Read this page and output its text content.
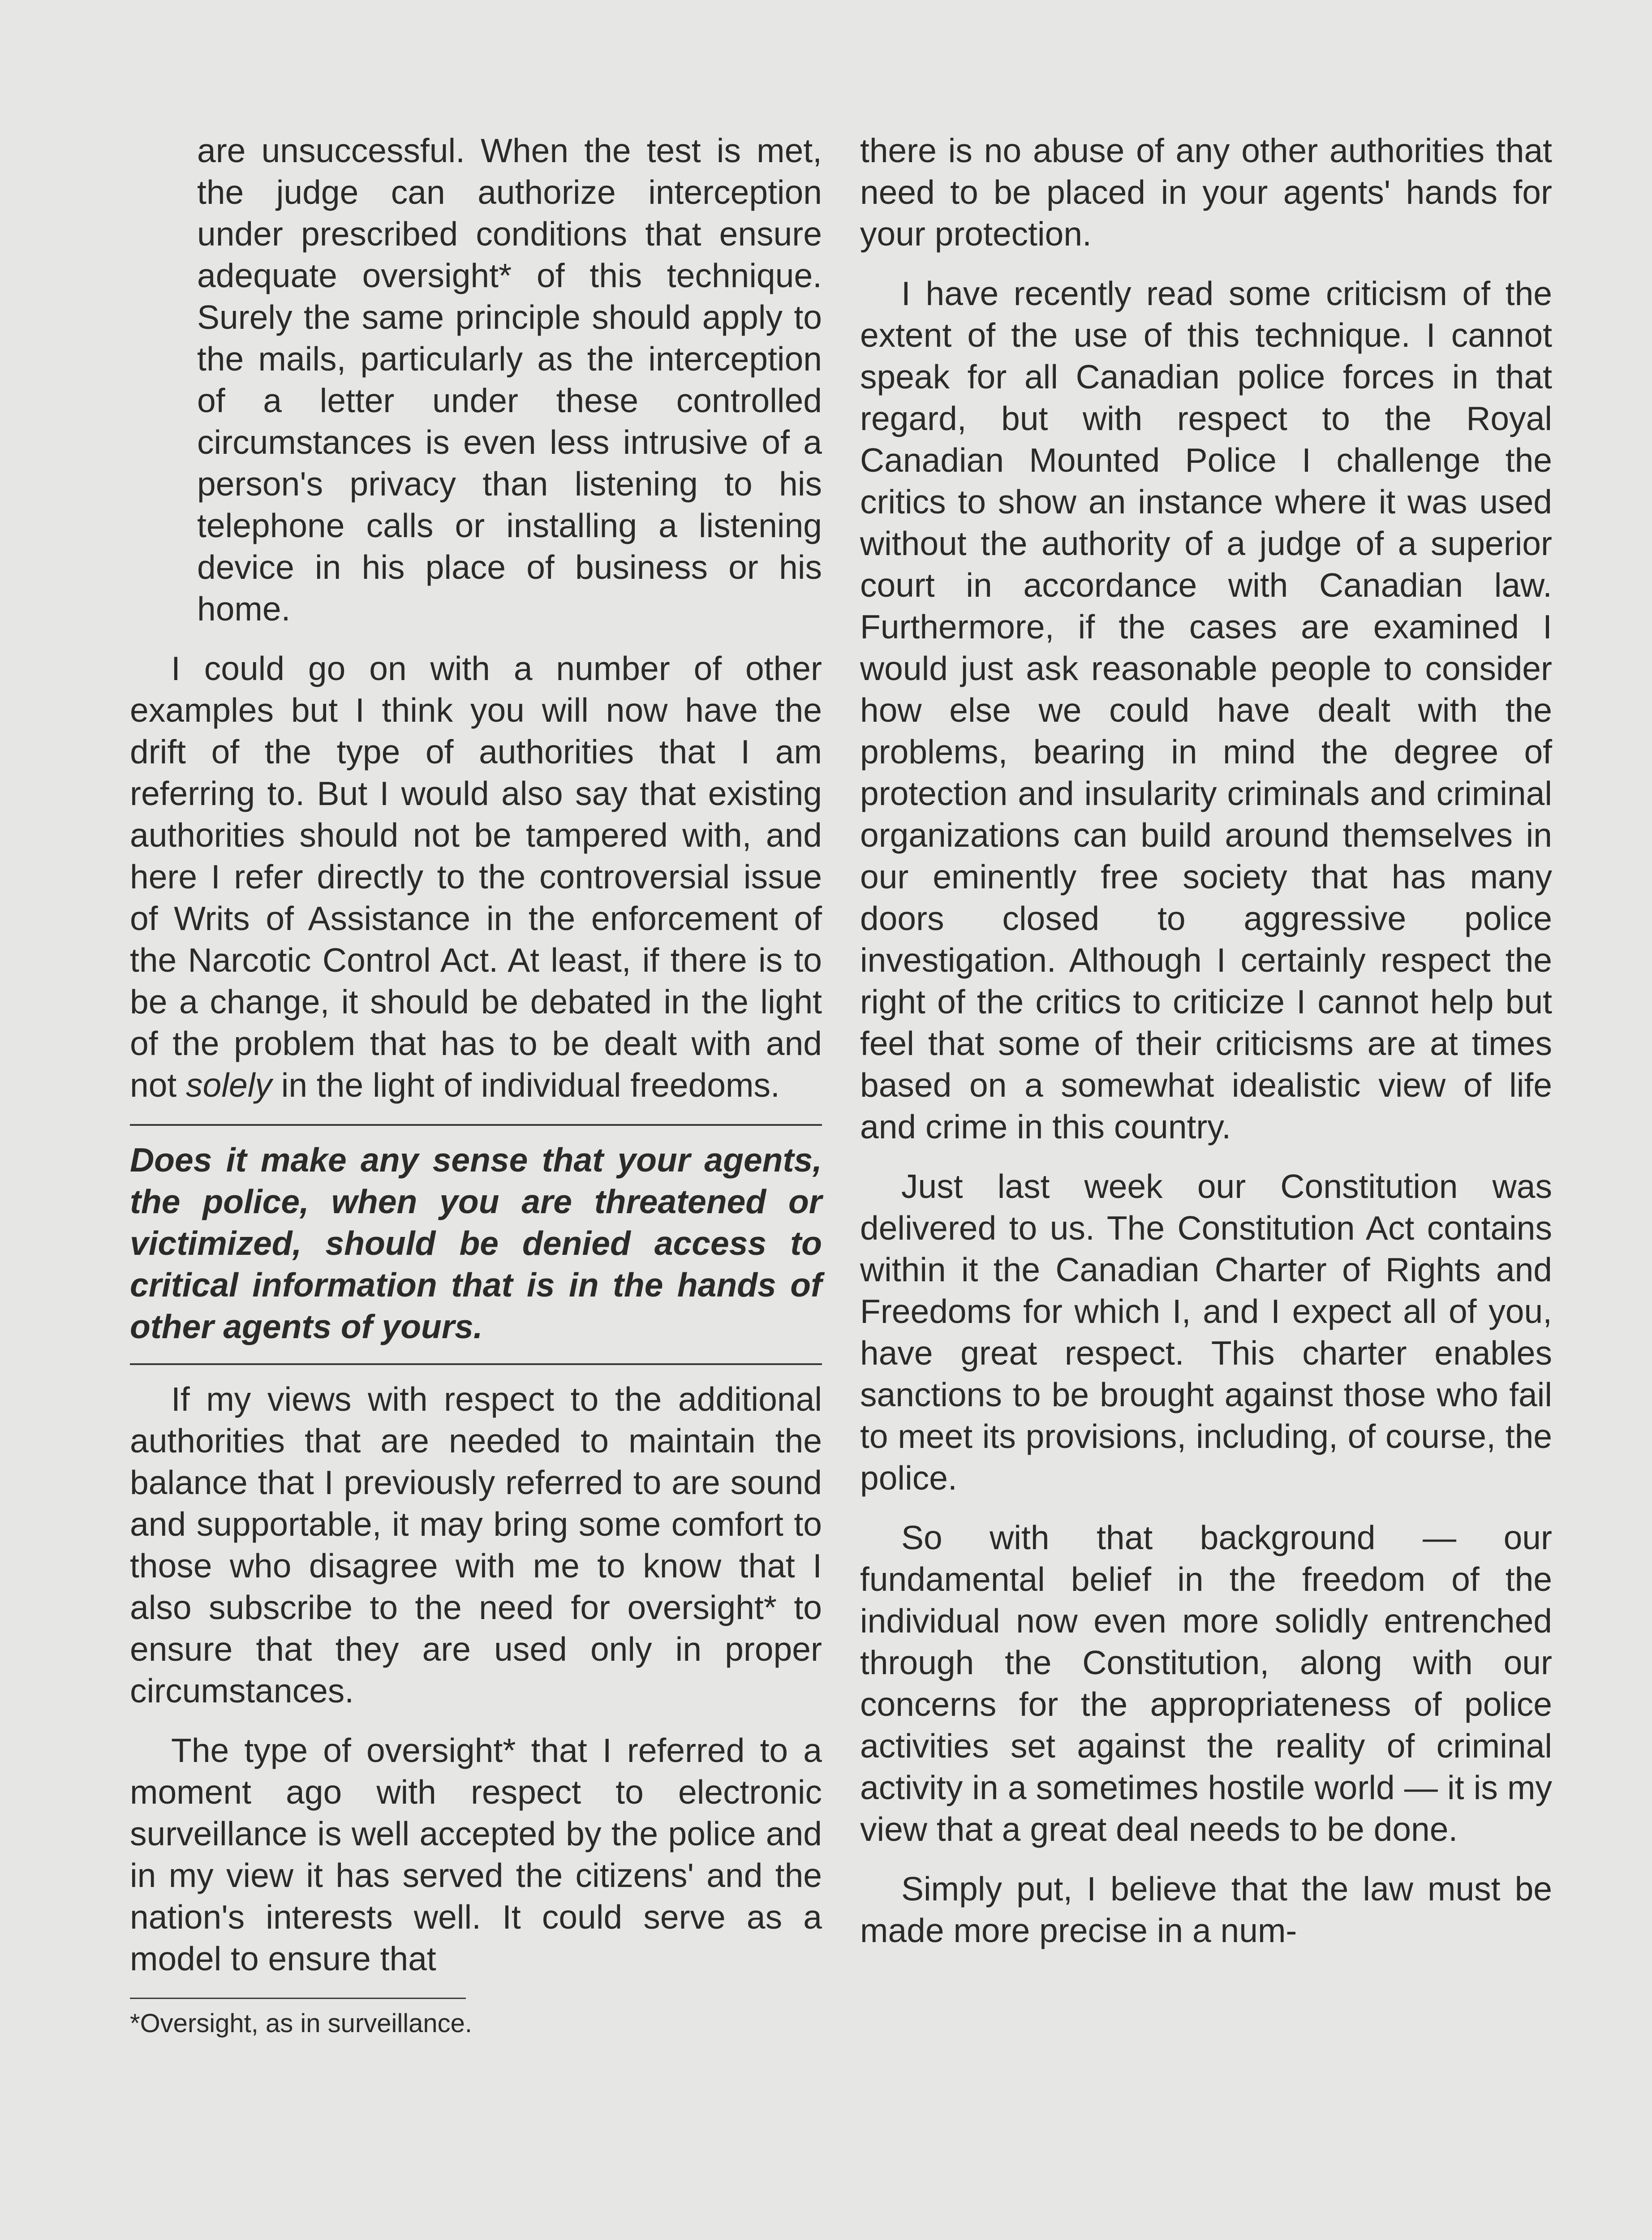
are unsuccessful. When the test is met, the judge can authorize interception under prescribed conditions that ensure adequate oversight* of this technique. Surely the same principle should apply to the mails, particularly as the interception of a letter under these controlled circumstances is even less intrusive of a person's privacy than listening to his telephone calls or installing a listening device in his place of business or his home.

I could go on with a number of other examples but I think you will now have the drift of the type of authorities that I am referring to. But I would also say that existing authorities should not be tampered with, and here I refer directly to the controversial issue of Writs of Assistance in the enforcement of the Narcotic Control Act. At least, if there is to be a change, it should be debated in the light of the problem that has to be dealt with and not solely in the light of individual freedoms.

Does it make any sense that your agents, the police, when you are threatened or victimized, should be denied access to critical information that is in the hands of other agents of yours.

If my views with respect to the additional authorities that are needed to maintain the balance that I previously referred to are sound and supportable, it may bring some comfort to those who disagree with me to know that I also subscribe to the need for oversight* to ensure that they are used only in proper circumstances.

The type of oversight* that I referred to a moment ago with respect to electronic surveillance is well accepted by the police and in my view it has served the citizens' and the nation's interests well. It could serve as a model to ensure that

*Oversight, as in surveillance.

there is no abuse of any other authorities that need to be placed in your agents' hands for your protection.

I have recently read some criticism of the extent of the use of this technique. I cannot speak for all Canadian police forces in that regard, but with respect to the Royal Canadian Mounted Police I challenge the critics to show an instance where it was used without the authority of a judge of a superior court in accordance with Canadian law. Furthermore, if the cases are examined I would just ask reasonable people to consider how else we could have dealt with the problems, bearing in mind the degree of protection and insularity criminals and criminal organizations can build around themselves in our eminently free society that has many doors closed to aggressive police investigation. Although I certainly respect the right of the critics to criticize I cannot help but feel that some of their criticisms are at times based on a somewhat idealistic view of life and crime in this country.

Just last week our Constitution was delivered to us. The Constitution Act contains within it the Canadian Charter of Rights and Freedoms for which I, and I expect all of you, have great respect. This charter enables sanctions to be brought against those who fail to meet its provisions, including, of course, the police.

So with that background — our fundamental belief in the freedom of the individual now even more solidly entrenched through the Constitution, along with our concerns for the appropriateness of police activities set against the reality of criminal activity in a sometimes hostile world — it is my view that a great deal needs to be done.

Simply put, I believe that the law must be made more precise in a num-
